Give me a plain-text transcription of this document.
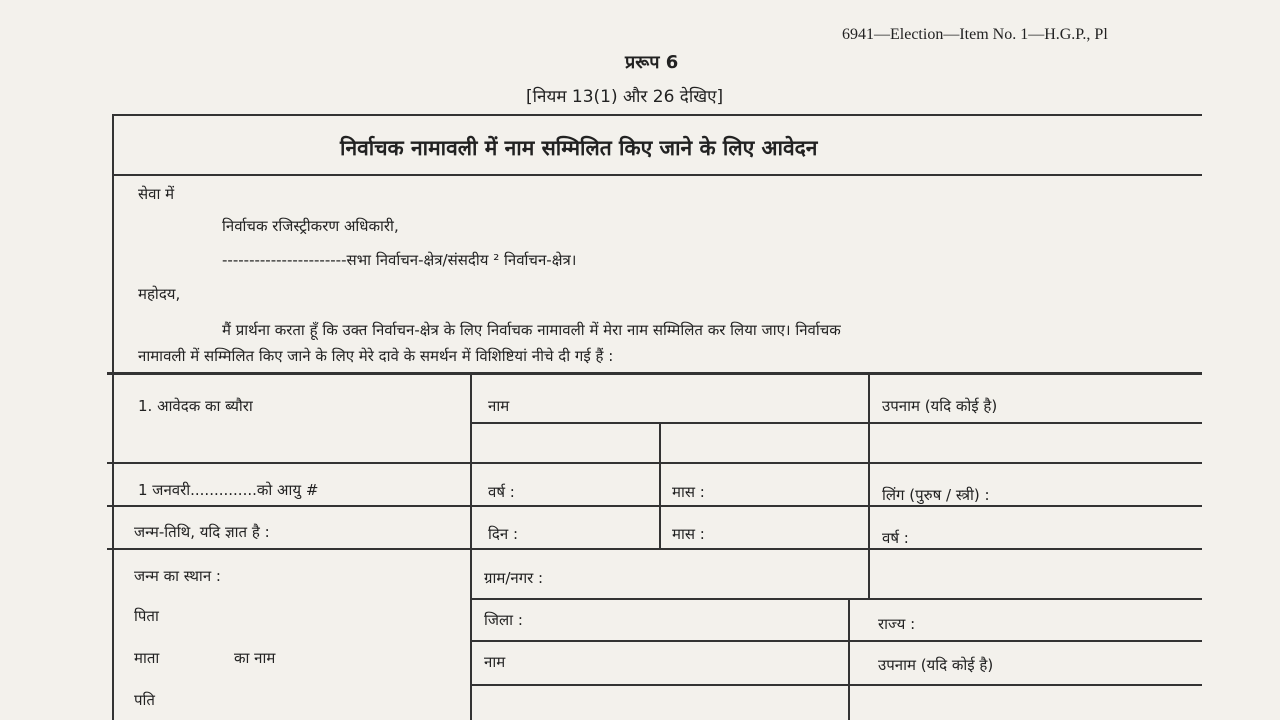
6941—Election—Item No. 1—H.G.P., Pl
प्ररूप 6
[नियम 13(1) और 26 देखिए]
निर्वाचक नामावली में नाम सम्मिलित किए जाने के लिए आवेदन
सेवा में
निर्वाचक रजिस्ट्रीकरण अधिकारी,
-----------------------सभा निर्वाचन-क्षेत्र/संसदीय ² निर्वाचन-क्षेत्र।
महोदय,
मैं प्रार्थना करता हूँ कि उक्त निर्वाचन-क्षेत्र के लिए निर्वाचक नामावली में मेरा नाम सम्मिलित कर लिया जाए। निर्वाचक
नामावली में सम्मिलित किए जाने के लिए मेरे दावे के समर्थन में विशिष्टियां नीचे दी गई हैं :
1. आवेदक का ब्यौरा	नाम	उपनाम (यदि कोई है)
1 जनवरी..............को आयु #	वर्ष :	मास :	लिंग (पुरुष / स्त्री) :
जन्म-तिथि, यदि ज्ञात है :	दिन :	मास :	वर्ष :
जन्म का स्थान :	ग्राम/नगर :
पिता	जिला :	राज्य :
माता	का नाम	नाम	उपनाम (यदि कोई है)
पति
